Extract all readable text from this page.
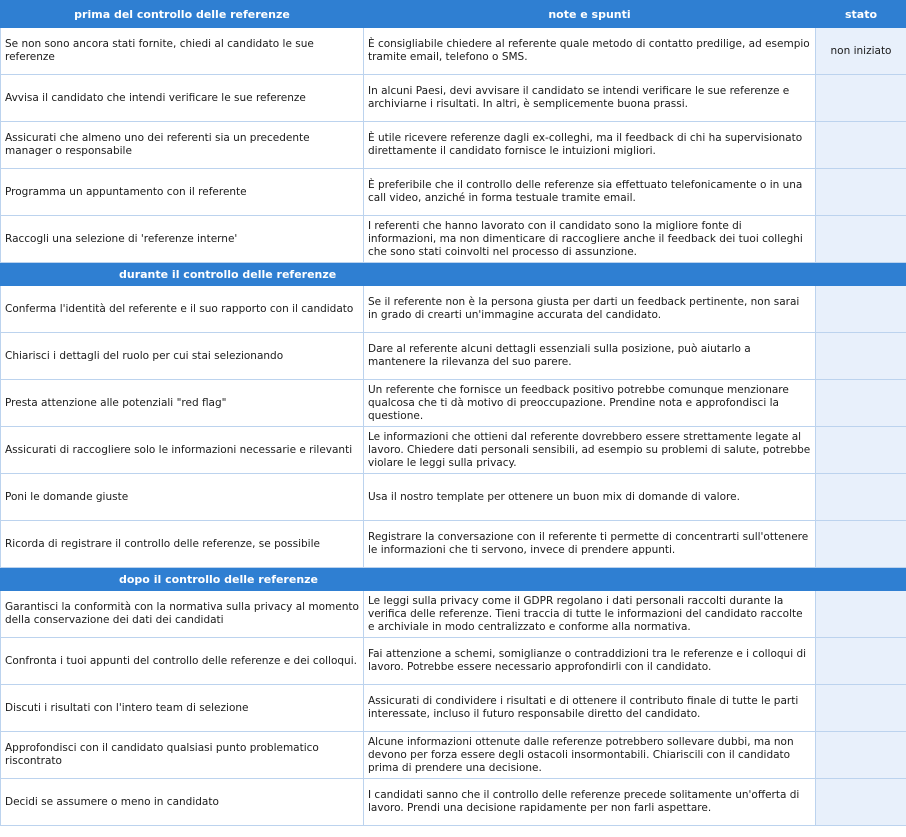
prima del controllo delle referenze	note e spunti	stato
Se non sono ancora stati fornite, chiedi al candidato le sue referenze	È consigliabile chiedere al referente quale metodo di contatto predilige, ad esempio tramite email, telefono o SMS.	non iniziato
Avvisa il candidato che intendi verificare le sue referenze	In alcuni Paesi, devi avvisare il candidato se intendi verificare le sue referenze e archiviarne i risultati. In altri, è semplicemente buona prassi.	
Assicurati che almeno uno dei referenti sia un precedente manager o responsabile	È utile ricevere referenze dagli ex-colleghi, ma il feedback di chi ha supervisionato direttamente il candidato fornisce le intuizioni migliori.	
Programma un appuntamento con il referente	È preferibile che il controllo delle referenze sia effettuato telefonicamente o in una call video, anziché in forma testuale tramite email.	
Raccogli una selezione di 'referenze interne'	I referenti che hanno lavorato con il candidato sono la migliore fonte di informazioni, ma non dimenticare di raccogliere anche il feedback dei tuoi colleghi che sono stati coinvolti nel processo di assunzione.	
durante il controllo delle referenze		
Conferma l'identità del referente e il suo rapporto con il candidato	Se il referente non è la persona giusta per darti un feedback pertinente, non sarai in grado di crearti un'immagine accurata del candidato.	
Chiarisci i dettagli del ruolo per cui stai selezionando	Dare al referente alcuni dettagli essenziali sulla posizione, può aiutarlo a mantenere la rilevanza del suo parere.	
Presta attenzione alle potenziali "red flag"	Un referente che fornisce un feedback positivo potrebbe comunque menzionare qualcosa che ti dà motivo di preoccupazione. Prendine nota e approfondisci la questione.	
Assicurati di raccogliere solo le informazioni necessarie e rilevanti	Le informazioni che ottieni dal referente dovrebbero essere strettamente legate al lavoro. Chiedere dati personali sensibili, ad esempio su problemi di salute, potrebbe violare le leggi sulla privacy.	
Poni le domande giuste	Usa il nostro template per ottenere un buon mix di domande di valore.	
Ricorda di registrare il controllo delle referenze, se possibile	Registrare la conversazione con il referente ti permette di concentrarti sull'ottenere le informazioni che ti servono, invece di prendere appunti.	
dopo il controllo delle referenze		
Garantisci la conformità con la normativa sulla privacy al momento della conservazione dei dati dei candidati	Le leggi sulla privacy come il GDPR regolano i dati personali raccolti durante la verifica delle referenze. Tieni traccia di tutte le informazioni del candidato raccolte e archiviale in modo centralizzato e conforme alla normativa.	
Confronta i tuoi appunti del controllo delle referenze e dei colloqui.	Fai attenzione a schemi, somiglianze o contraddizioni tra le referenze e i colloqui di lavoro. Potrebbe essere necessario approfondirli con il candidato.	
Discuti i risultati con l'intero team di selezione	Assicurati di condividere i risultati e di ottenere il contributo finale di tutte le parti interessate, incluso il futuro responsabile diretto del candidato.	
Approfondisci con il candidato qualsiasi punto problematico riscontrato	Alcune informazioni ottenute dalle referenze potrebbero sollevare dubbi, ma non devono per forza essere degli ostacoli insormontabili. Chiariscili con il candidato prima di prendere una decisione.	
Decidi se assumere o meno in candidato	I candidati sanno che il controllo delle referenze precede solitamente un'offerta di lavoro. Prendi una decisione rapidamente per non farli aspettare.	
